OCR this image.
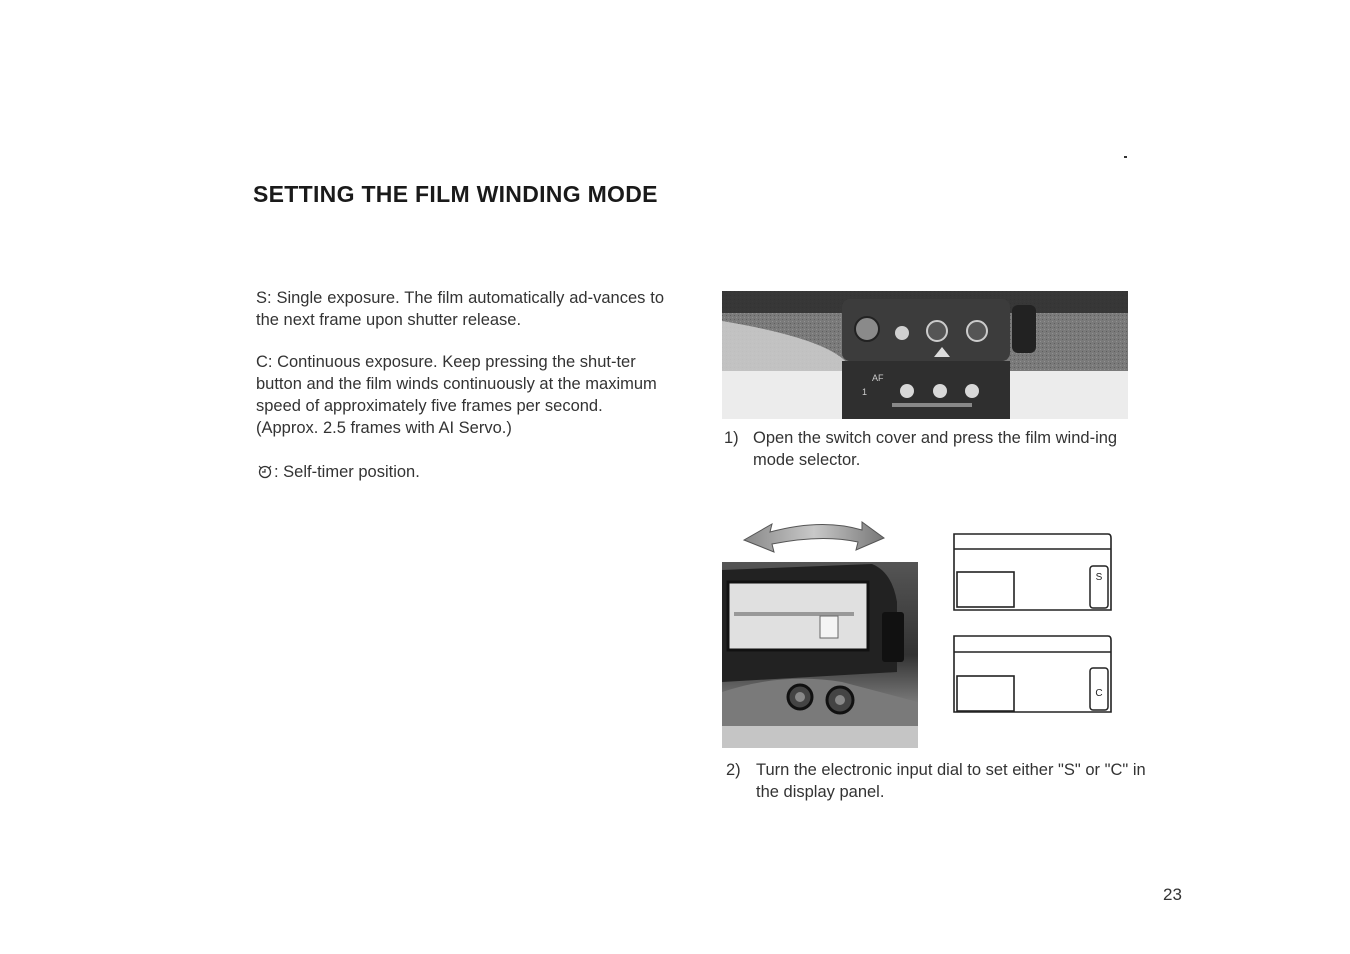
SETTING THE FILM WINDING MODE

S: Single exposure. The film automatically ad-vances to the next frame upon shutter release.

C: Continuous exposure. Keep pressing the shut-ter button and the film winds continuously at the maximum speed of approximately five frames per second. (Approx. 2.5 frames with AI Servo.)

: Self-timer position.

AF
1
1) Open the switch cover and press the film wind-ing mode selector.
S
C
2) Turn the electronic input dial to set either "S" or "C" in the display panel.
23
